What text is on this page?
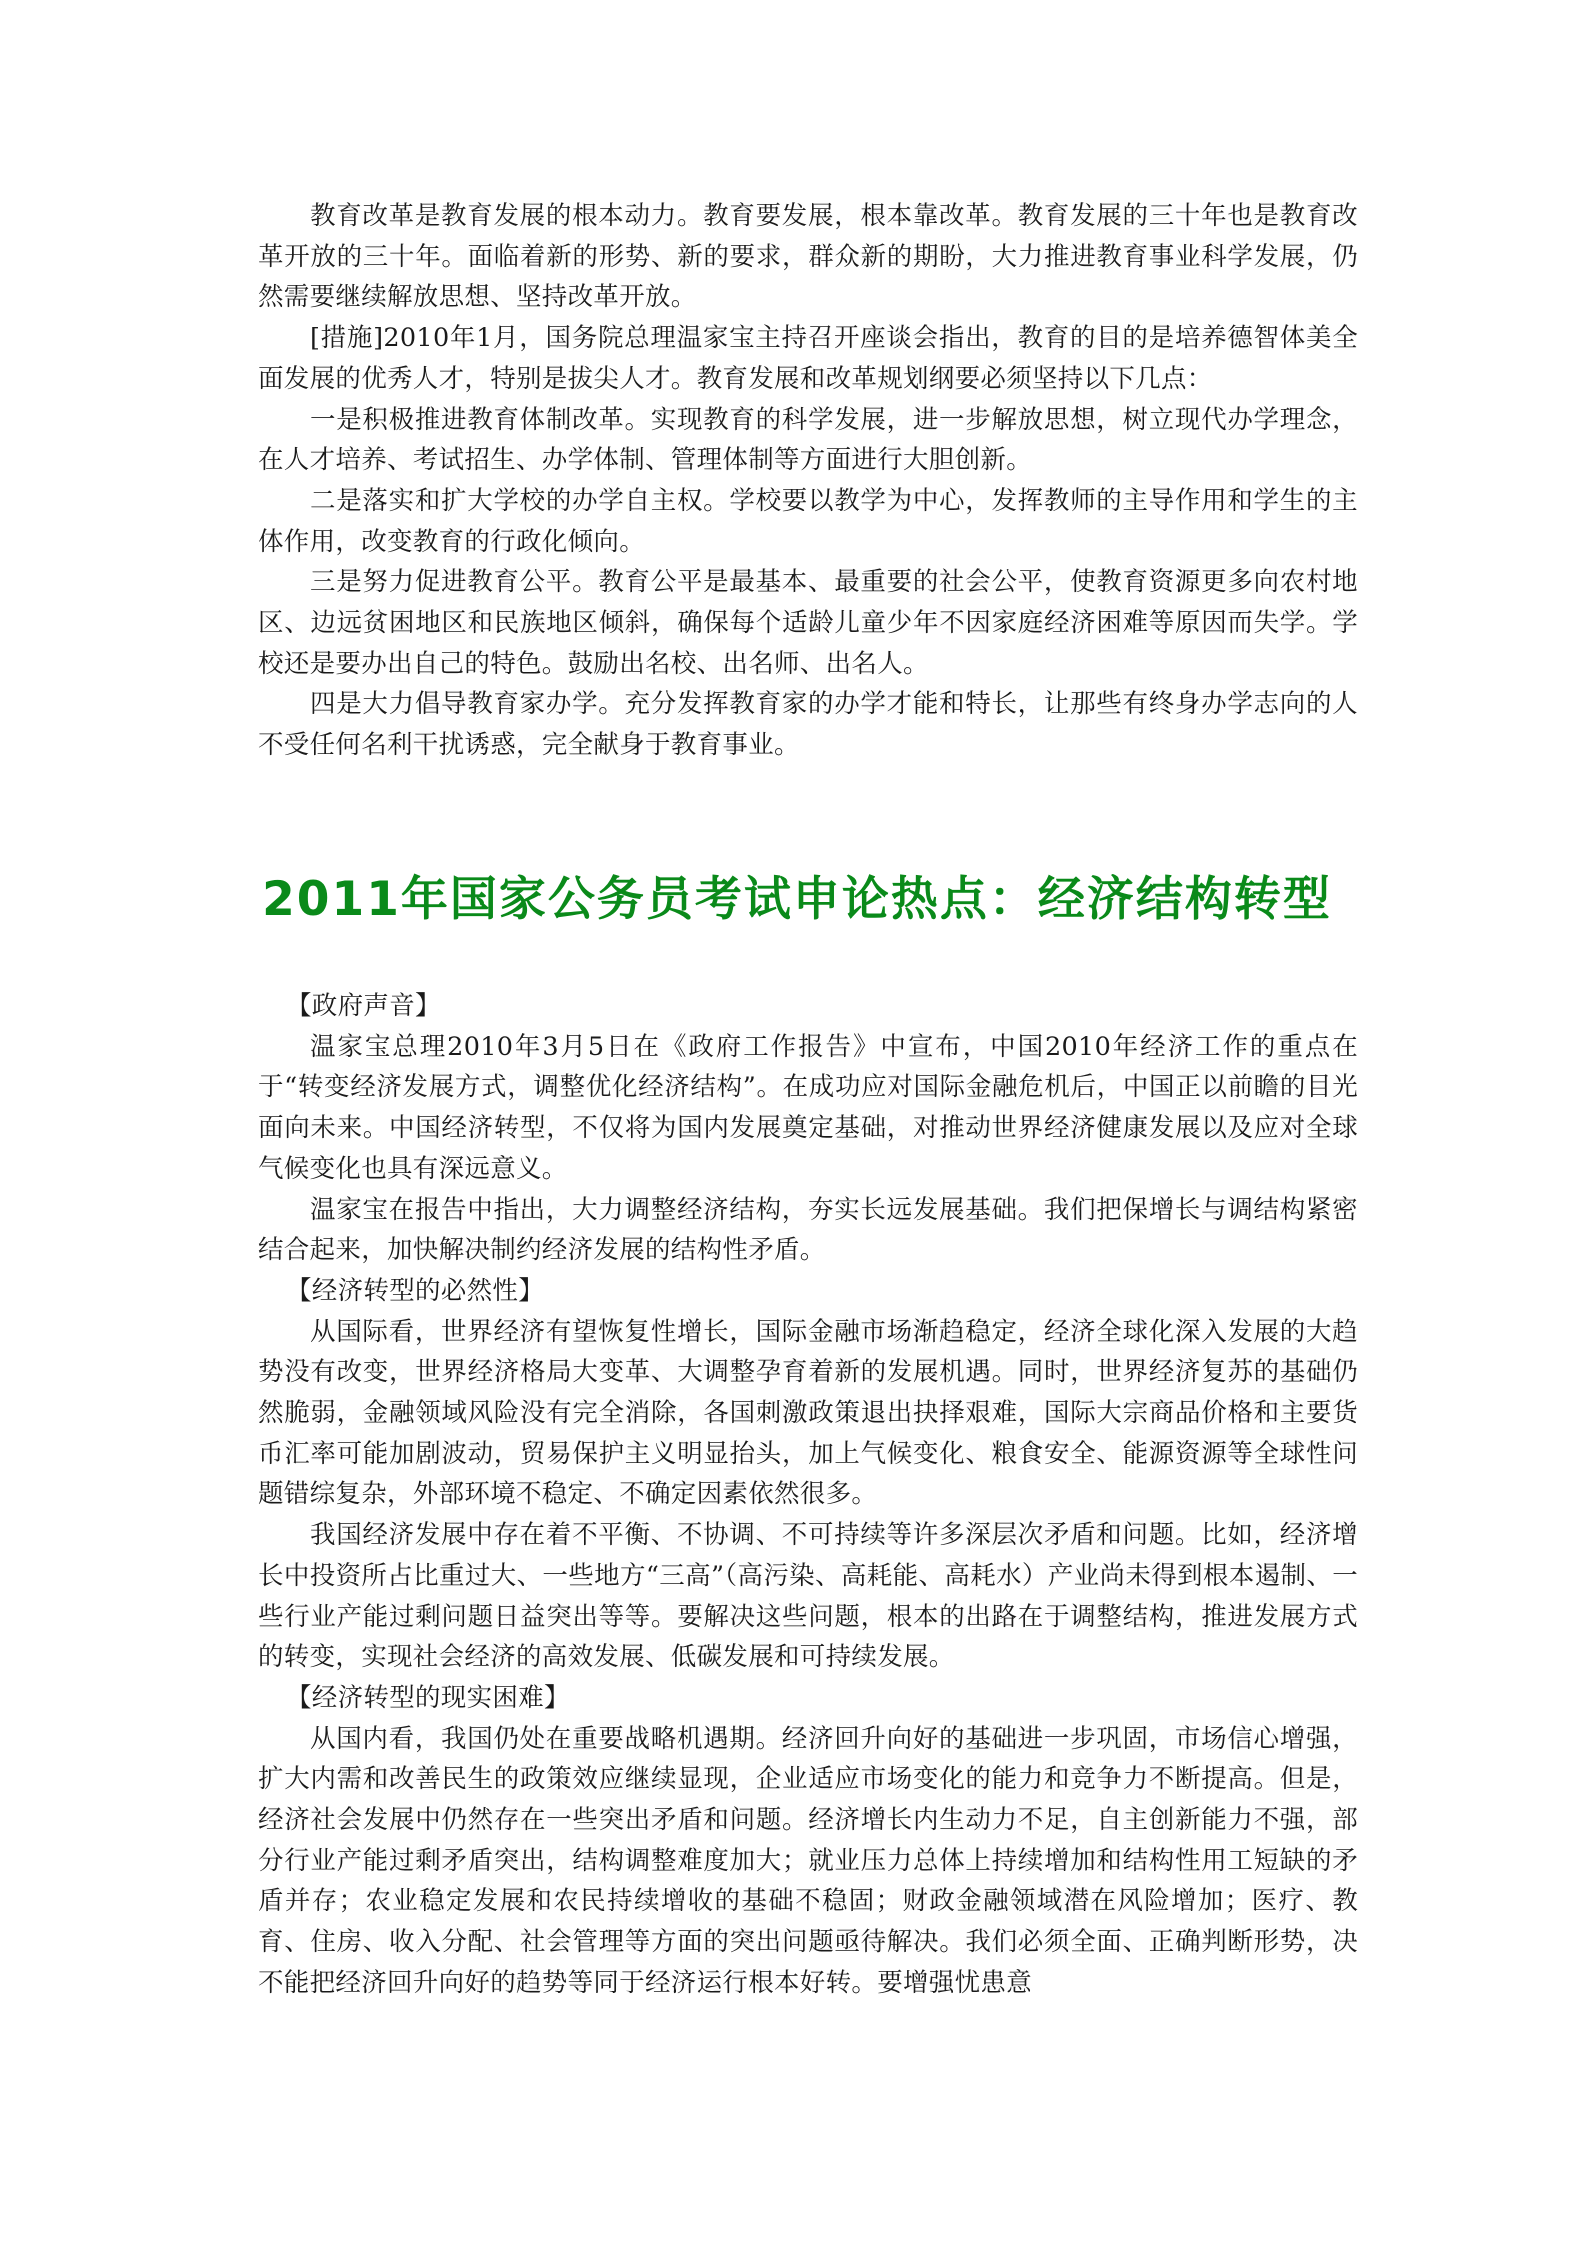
教育改革是教育发展的根本动力。教育要发展，根本靠改革。教育发展的三十年也是教育改革开放的三十年。面临着新的形势、新的要求，群众新的期盼，大力推进教育事业科学发展，仍然需要继续解放思想、坚持改革开放。

[措施]2010年1月，国务院总理温家宝主持召开座谈会指出，教育的目的是培养德智体美全面发展的优秀人才，特别是拔尖人才。教育发展和改革规划纲要必须坚持以下几点：

一是积极推进教育体制改革。实现教育的科学发展，进一步解放思想，树立现代办学理念，在人才培养、考试招生、办学体制、管理体制等方面进行大胆创新。

二是落实和扩大学校的办学自主权。学校要以教学为中心，发挥教师的主导作用和学生的主体作用，改变教育的行政化倾向。

三是努力促进教育公平。教育公平是最基本、最重要的社会公平，使教育资源更多向农村地区、边远贫困地区和民族地区倾斜，确保每个适龄儿童少年不因家庭经济困难等原因而失学。学校还是要办出自己的特色。鼓励出名校、出名师、出名人。

四是大力倡导教育家办学。充分发挥教育家的办学才能和特长，让那些有终身办学志向的人不受任何名利干扰诱惑，完全献身于教育事业。

2011年国家公务员考试申论热点：经济结构转型

【政府声音】

温家宝总理2010年3月5日在《政府工作报告》中宣布，中国2010年经济工作的重点在于“转变经济发展方式，调整优化经济结构”。在成功应对国际金融危机后，中国正以前瞻的目光面向未来。中国经济转型，不仅将为国内发展奠定基础，对推动世界经济健康发展以及应对全球气候变化也具有深远意义。

温家宝在报告中指出，大力调整经济结构，夯实长远发展基础。我们把保增长与调结构紧密结合起来，加快解决制约经济发展的结构性矛盾。

【经济转型的必然性】

从国际看，世界经济有望恢复性增长，国际金融市场渐趋稳定，经济全球化深入发展的大趋势没有改变，世界经济格局大变革、大调整孕育着新的发展机遇。同时，世界经济复苏的基础仍然脆弱，金融领域风险没有完全消除，各国刺激政策退出抉择艰难，国际大宗商品价格和主要货币汇率可能加剧波动，贸易保护主义明显抬头，加上气候变化、粮食安全、能源资源等全球性问题错综复杂，外部环境不稳定、不确定因素依然很多。

我国经济发展中存在着不平衡、不协调、不可持续等许多深层次矛盾和问题。比如，经济增长中投资所占比重过大、一些地方“三高”（高污染、高耗能、高耗水）产业尚未得到根本遏制、一些行业产能过剩问题日益突出等等。要解决这些问题，根本的出路在于调整结构，推进发展方式的转变，实现社会经济的高效发展、低碳发展和可持续发展。

【经济转型的现实困难】

从国内看，我国仍处在重要战略机遇期。经济回升向好的基础进一步巩固，市场信心增强，扩大内需和改善民生的政策效应继续显现，企业适应市场变化的能力和竞争力不断提高。但是，经济社会发展中仍然存在一些突出矛盾和问题。经济增长内生动力不足，自主创新能力不强，部分行业产能过剩矛盾突出，结构调整难度加大；就业压力总体上持续增加和结构性用工短缺的矛盾并存；农业稳定发展和农民持续增收的基础不稳固；财政金融领域潜在风险增加；医疗、教育、住房、收入分配、社会管理等方面的突出问题亟待解决。我们必须全面、正确判断形势，决不能把经济回升向好的趋势等同于经济运行根本好转。要增强忧患意
